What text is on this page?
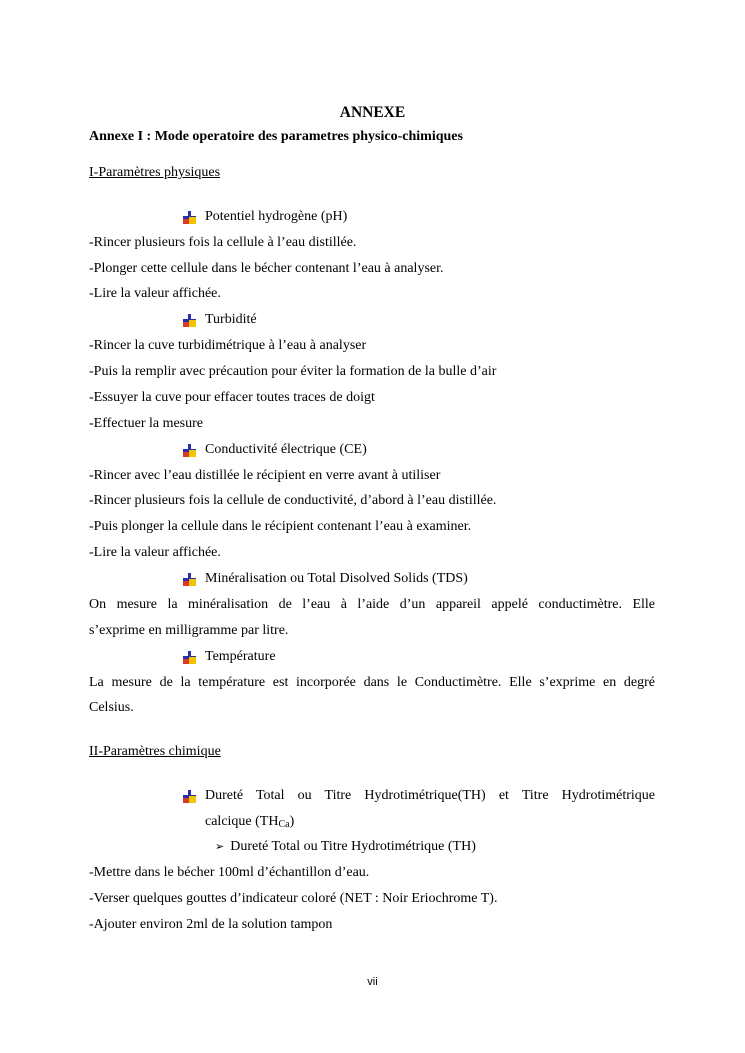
ANNEXE
Annexe I : Mode operatoire des parametres physico-chimiques
I-Paramètres physiques
Potentiel hydrogène (pH)
-Rincer plusieurs fois la cellule à l’eau distillée.
-Plonger cette cellule dans le bécher contenant l’eau à analyser.
-Lire la valeur affichée.
Turbidité
-Rincer la cuve turbidimétrique à l’eau à analyser
-Puis la remplir avec précaution pour éviter la formation de la bulle d’air
-Essuyer la cuve pour effacer toutes traces de doigt
-Effectuer la mesure
Conductivité électrique (CE)
-Rincer avec l’eau distillée le récipient en verre avant à utiliser
-Rincer plusieurs fois la cellule de conductivité, d’abord à l’eau distillée.
-Puis plonger la cellule dans le récipient contenant l’eau à examiner.
-Lire la valeur affichée.
Minéralisation ou Total Disolved Solids (TDS)
On mesure la minéralisation de l’eau à l’aide d’un appareil appelé conductimètre. Elle
s’exprime en milligramme par litre.
Température
La mesure de la température est incorporée dans le Conductimètre. Elle s’exprime en degré
Celsius.
II-Paramètres chimique
Dureté Total ou Titre Hydrotimétrique(TH) et Titre Hydrotimétrique
calcique $(TH_{Ca})$
➢ Dureté Total ou Titre Hydrotimétrique (TH)
-Mettre dans le bécher 100ml d’échantillon d’eau.
-Verser quelques gouttes d’indicateur coloré (NET : Noir Eriochrome T).
-Ajouter environ 2ml de la solution tampon
vii
